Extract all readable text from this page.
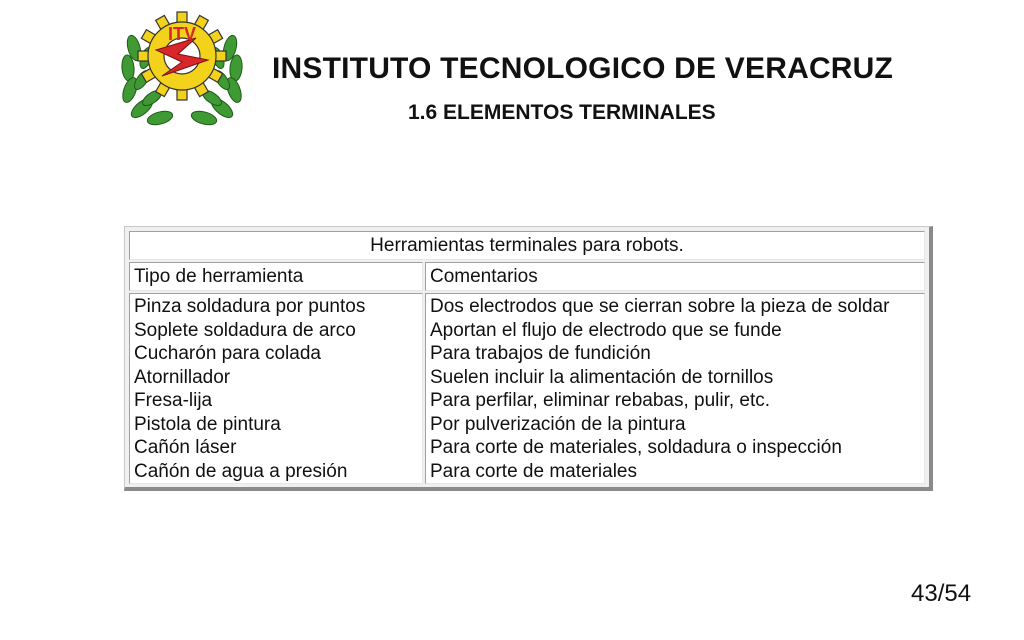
ITV
INSTITUTO TECNOLOGICO DE VERACRUZ
1.6 ELEMENTOS TERMINALES
Herramientas terminales para robots.
Tipo de herramienta	Comentarios
Pinza soldadura por puntos
Soplete soldadura de arco
Cucharón para colada
Atornillador
Fresa-lija
Pistola de pintura
Cañón láser
Cañón de agua a presión
Dos electrodos que se cierran sobre la pieza de soldar
Aportan el flujo de electrodo que se funde
Para trabajos de fundición
Suelen incluir la alimentación de tornillos
Para perfilar, eliminar rebabas, pulir, etc.
Por pulverización de la pintura
Para corte de materiales, soldadura o inspección
Para corte de materiales
43/54
